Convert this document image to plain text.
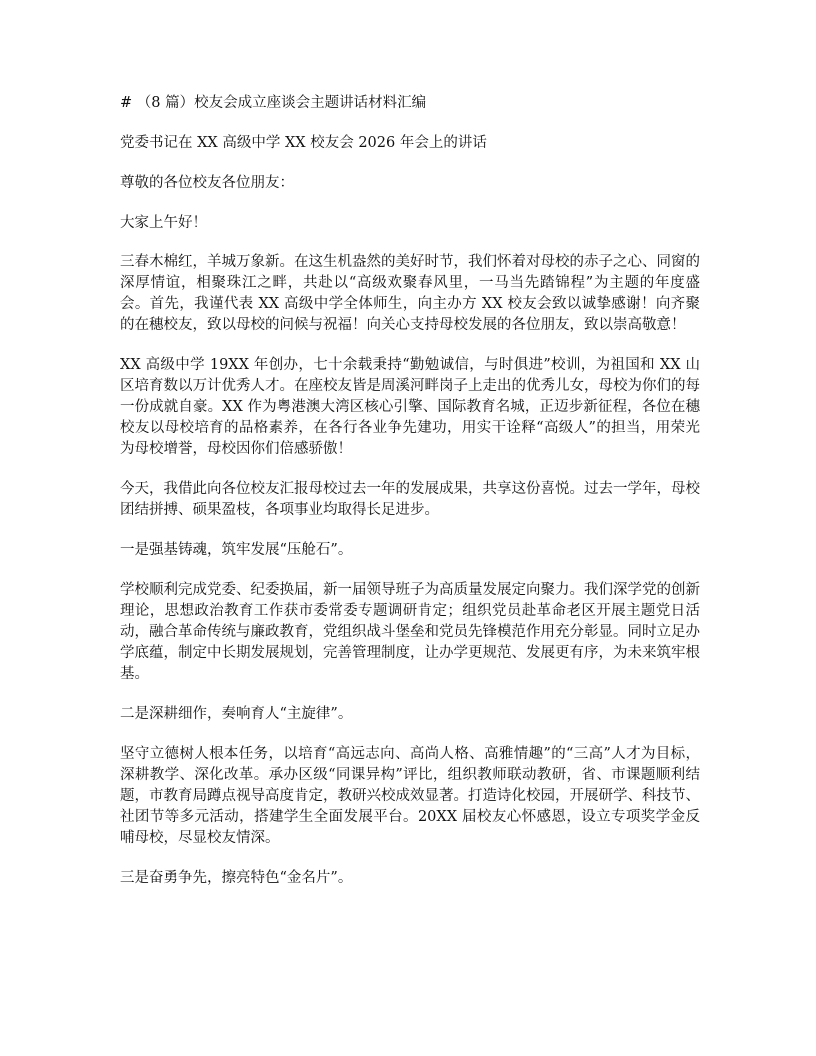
# （8 篇）校友会成立座谈会主题讲话材料汇编
党委书记在 XX 高级中学 XX 校友会 2026 年会上的讲话
尊敬的各位校友各位朋友：
大家上午好！

三春木棉红，羊城万象新。在这生机盎然的美好时节，我们怀着对母校的赤子之心、同窗的深厚情谊，相聚珠江之畔，共赴以“高级欢聚春风里，一马当先踏锦程”为主题的年度盛会。首先，我谨代表 XX 高级中学全体师生，向主办方 XX 校友会致以诚挚感谢！向齐聚的在穗校友，致以母校的问候与祝福！向关心支持母校发展的各位朋友，致以崇高敬意！

XX 高级中学 19XX 年创办，七十余载秉持“勤勉诚信，与时俱进”校训，为祖国和 XX 山区培育数以万计优秀人才。在座校友皆是周溪河畔岗子上走出的优秀儿女，母校为你们的每一份成就自豪。XX 作为粤港澳大湾区核心引擎、国际教育名城，正迈步新征程，各位在穗校友以母校培育的品格素养，在各行各业争先建功，用实干诠释“高级人”的担当，用荣光为母校增誉，母校因你们倍感骄傲！

今天，我借此向各位校友汇报母校过去一年的发展成果，共享这份喜悦。过去一学年，母校团结拼搏、硕果盈枝，各项事业均取得长足进步。

一是强基铸魂，筑牢发展“压舱石”。

学校顺利完成党委、纪委换届，新一届领导班子为高质量发展定向聚力。我们深学党的创新理论，思想政治教育工作获市委常委专题调研肯定；组织党员赴革命老区开展主题党日活动，融合革命传统与廉政教育，党组织战斗堡垒和党员先锋模范作用充分彰显。同时立足办学底蕴，制定中长期发展规划，完善管理制度，让办学更规范、发展更有序，为未来筑牢根基。

二是深耕细作，奏响育人“主旋律”。

坚守立德树人根本任务，以培育“高远志向、高尚人格、高雅情趣”的“三高”人才为目标，深耕教学、深化改革。承办区级“同课异构”评比，组织教师联动教研，省、市课题顺利结题，市教育局蹲点视导高度肯定，教研兴校成效显著。打造诗化校园，开展研学、科技节、社团节等多元活动，搭建学生全面发展平台。20XX 届校友心怀感恩，设立专项奖学金反哺母校，尽显校友情深。

三是奋勇争先，擦亮特色“金名片”。
